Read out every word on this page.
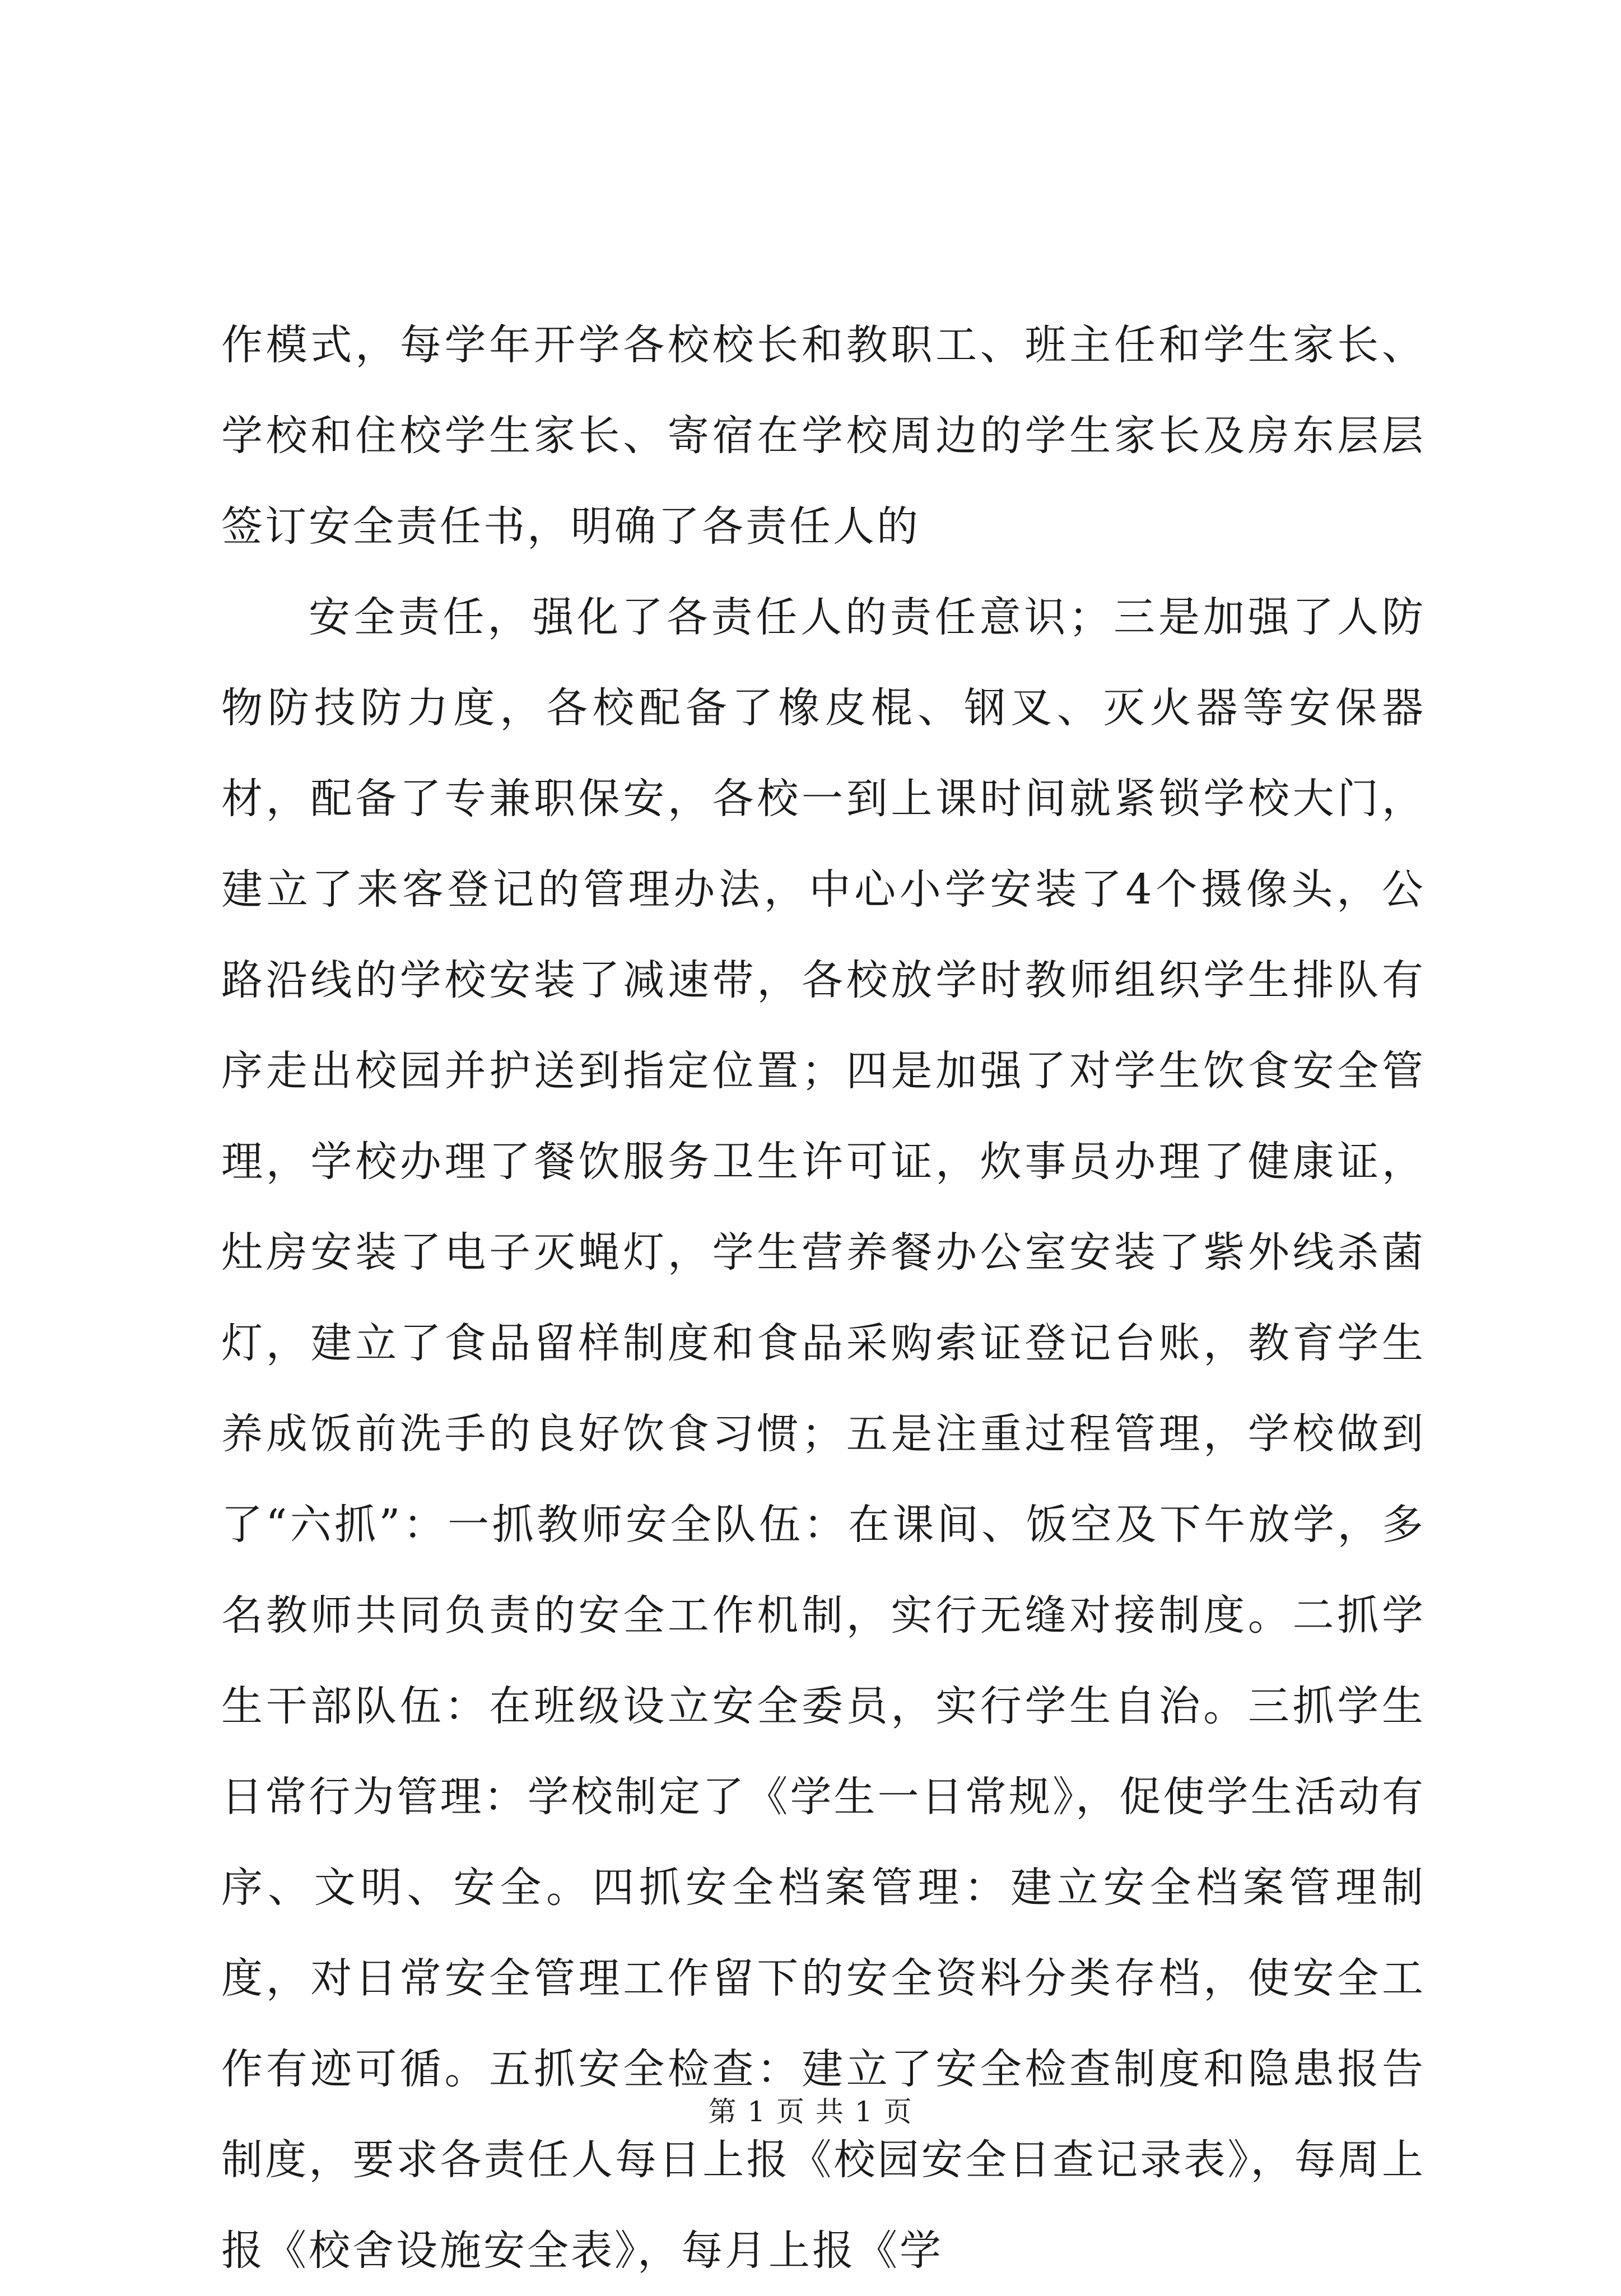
作模式，每学年开学各校校长和教职工、班主任和学生家长、学校和住校学生家长、寄宿在学校周边的学生家长及房东层层签订安全责任书，明确了各责任人的

安全责任，强化了各责任人的责任意识；三是加强了人防物防技防力度，各校配备了橡皮棍、钢叉、灭火器等安保器材，配备了专兼职保安，各校一到上课时间就紧锁学校大门，建立了来客登记的管理办法，中心小学安装了4个摄像头，公路沿线的学校安装了减速带，各校放学时教师组织学生排队有序走出校园并护送到指定位置；四是加强了对学生饮食安全管理，学校办理了餐饮服务卫生许可证，炊事员办理了健康证，灶房安装了电子灭蝇灯，学生营养餐办公室安装了紫外线杀菌灯，建立了食品留样制度和食品采购索证登记台账，教育学生养成饭前洗手的良好饮食习惯；五是注重过程管理，学校做到了“六抓”：一抓教师安全队伍：在课间、饭空及下午放学，多名教师共同负责的安全工作机制，实行无缝对接制度。二抓学生干部队伍：在班级设立安全委员，实行学生自治。三抓学生日常行为管理：学校制定了《学生一日常规》，促使学生活动有序、文明、安全。四抓安全档案管理：建立安全档案管理制度，对日常安全管理工作留下的安全资料分类存档，使安全工作有迹可循。五抓安全检查：建立了安全检查制度和隐患报告制度，要求各责任人每日上报《校园安全日查记录表》，每周上报《校舍设施安全表》，每月上报《学

第 1 页 共 1 页
